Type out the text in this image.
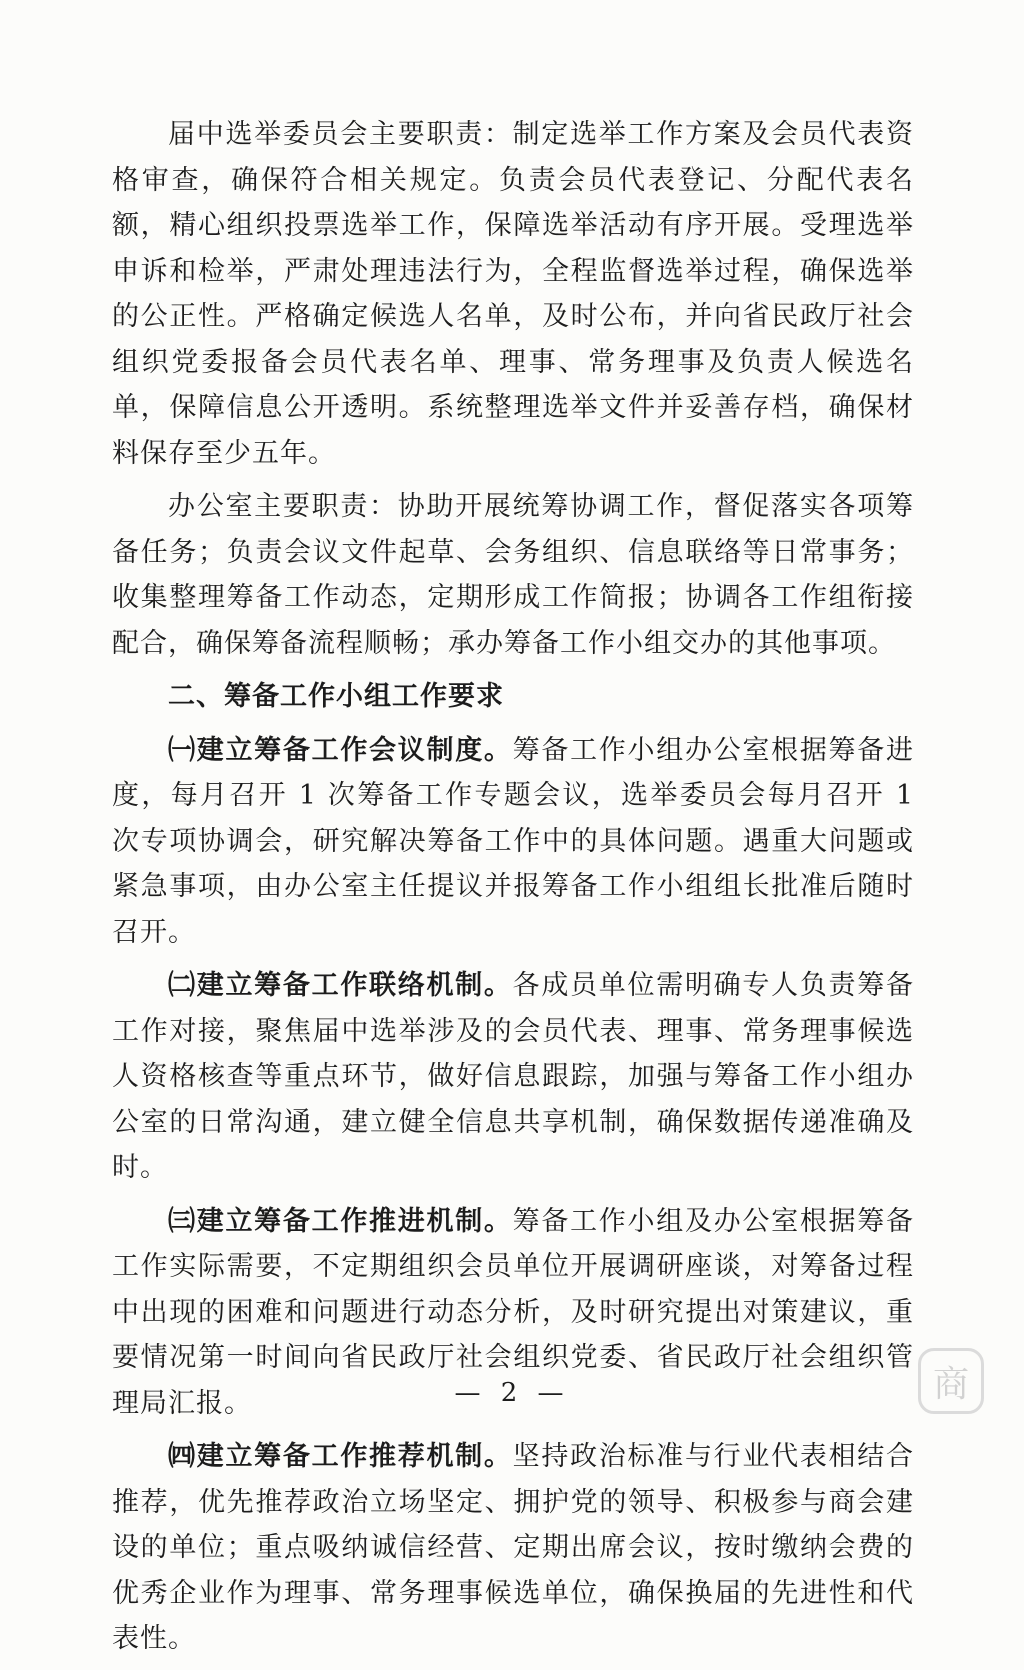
届中选举委员会主要职责：制定选举工作方案及会员代表资格审查，确保符合相关规定。负责会员代表登记、分配代表名额，精心组织投票选举工作，保障选举活动有序开展。受理选举申诉和检举，严肃处理违法行为，全程监督选举过程，确保选举的公正性。严格确定候选人名单，及时公布，并向省民政厅社会组织党委报备会员代表名单、理事、常务理事及负责人候选名单，保障信息公开透明。系统整理选举文件并妥善存档，确保材料保存至少五年。

办公室主要职责：协助开展统筹协调工作，督促落实各项筹备任务；负责会议文件起草、会务组织、信息联络等日常事务；收集整理筹备工作动态，定期形成工作简报；协调各工作组衔接配合，确保筹备流程顺畅；承办筹备工作小组交办的其他事项。

二、筹备工作小组工作要求

㈠建立筹备工作会议制度。筹备工作小组办公室根据筹备进度，每月召开 1 次筹备工作专题会议，选举委员会每月召开 1 次专项协调会，研究解决筹备工作中的具体问题。遇重大问题或紧急事项，由办公室主任提议并报筹备工作小组组长批准后随时召开。

㈡建立筹备工作联络机制。各成员单位需明确专人负责筹备工作对接，聚焦届中选举涉及的会员代表、理事、常务理事候选人资格核查等重点环节，做好信息跟踪，加强与筹备工作小组办公室的日常沟通，建立健全信息共享机制，确保数据传递准确及时。

㈢建立筹备工作推进机制。筹备工作小组及办公室根据筹备工作实际需要，不定期组织会员单位开展调研座谈，对筹备过程中出现的困难和问题进行动态分析，及时研究提出对策建议，重要情况第一时间向省民政厅社会组织党委、省民政厅社会组织管理局汇报。

㈣建立筹备工作推荐机制。坚持政治标准与行业代表相结合推荐，优先推荐政治立场坚定、拥护党的领导、积极参与商会建设的单位；重点吸纳诚信经营、定期出席会议，按时缴纳会费的优秀企业作为理事、常务理事候选单位，确保换届的先进性和代表性。

— 2 —	商
